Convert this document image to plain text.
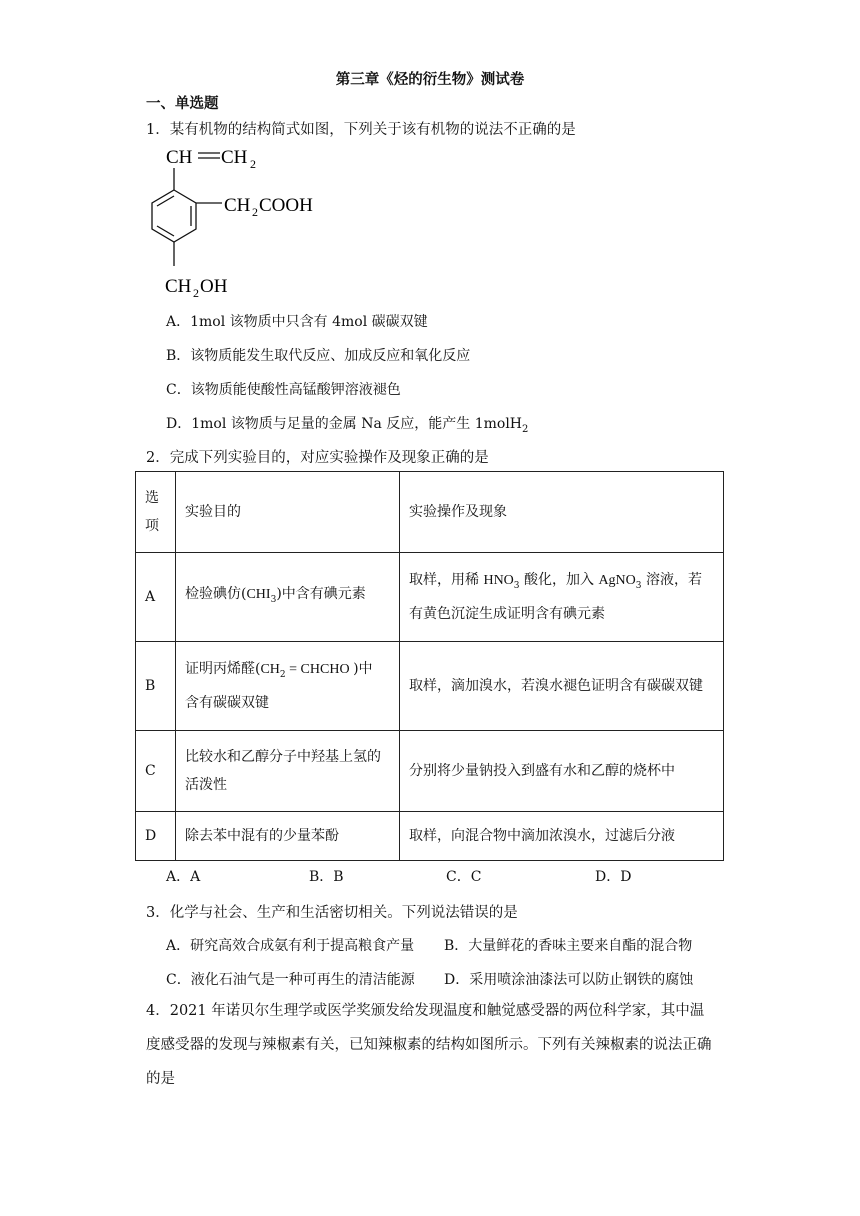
第三章《烃的衍生物》测试卷
一、单选题
1．某有机物的结构简式如图，下列关于该有机物的说法不正确的是
CH CH 2
CH 2 COOH
CH 2 OH
A．1mol 该物质中只含有 4mol 碳碳双键
B．该物质能发生取代反应、加成反应和氧化反应
C．该物质能使酸性高锰酸钾溶液褪色
D．1mol 该物质与足量的金属 Na 反应，能产生 1molH$_2$
2．完成下列实验目的，对应实验操作及现象正确的是
选
项	实验目的	实验操作及现象
A	检验碘仿$(CHI_3)$中含有碘元素	取样，用稀 $HNO_3$ 酸化，加入 AgNO$_3$ 溶液，若
有黄色沉淀生成证明含有碘元素
B	证明丙烯醛($CH_2$ = CHCHO )中
含有碳碳双键	取样，滴加溴水，若溴水褪色证明含有碳碳双键
C	比较水和乙醇分子中羟基上氢的活泼性	分别将少量钠投入到盛有水和乙醇的烧杯中
D	除去苯中混有的少量苯酚	取样，向混合物中滴加浓溴水，过滤后分液
A．A	B．B	C．C	D．D
3．化学与社会、生产和生活密切相关。下列说法错误的是
A．研究高效合成氨有利于提高粮食产量 B．大量鲜花的香味主要来自酯的混合物
C．液化石油气是一种可再生的清洁能源 D．采用喷涂油漆法可以防止钢铁的腐蚀
4．2021 年诺贝尔生理学或医学奖颁发给发现温度和触觉感受器的两位科学家，其中温度感受器的发现与辣椒素有关，已知辣椒素的结构如图所示。下列有关辣椒素的说法正确的是
